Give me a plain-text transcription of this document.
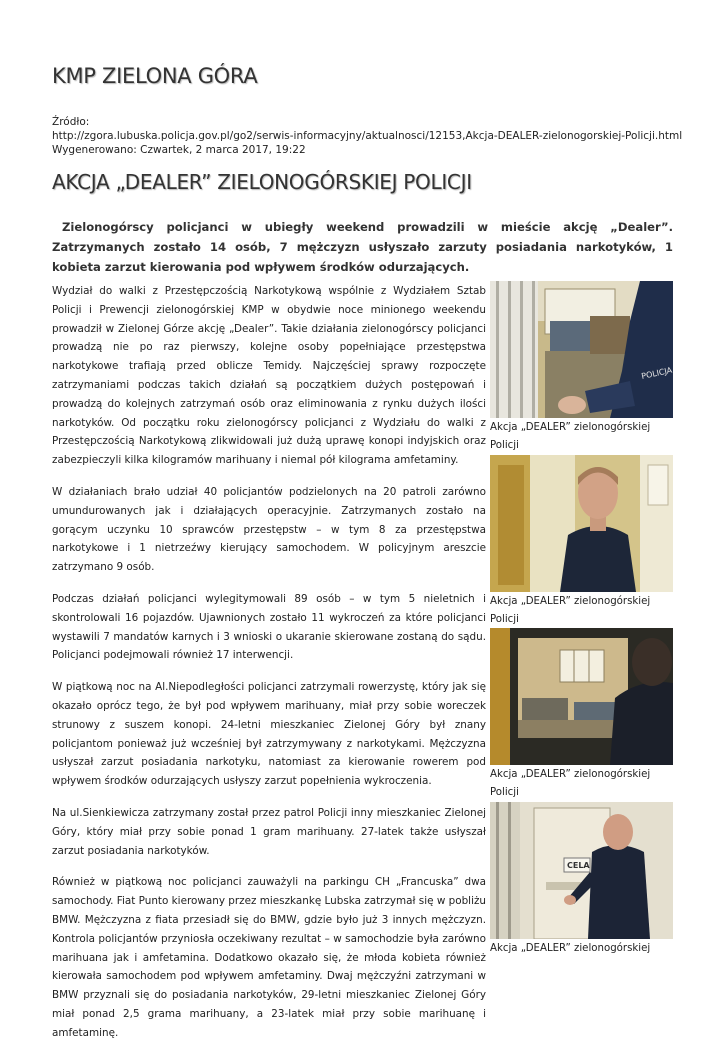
KMP ZIELONA GÓRA
Źródło:
http://zgora.lubuska.policja.gov.pl/go2/serwis-informacyjny/aktualnosci/12153,Akcja-DEALER-zielonogorskiej-Policji.html
Wygenerowano: Czwartek, 2 marca 2017, 19:22
AKCJA „DEALER” ZIELONOGÓRSKIEJ POLICJI

Zielonogórscy policjanci w ubiegły weekend prowadzili w mieście akcję „Dealer”. Zatrzymanych zostało 14 osób, 7 mężczyzn usłyszało zarzuty posiadania narkotyków, 1 kobieta zarzut kierowania pod wpływem środków odurzających.

Wydział do walki z Przestępczością Narkotykową wspólnie z Wydziałem Sztab Policji i Prewencji zielonogórskiej KMP w obydwie noce minionego weekendu prowadził w Zielonej Górze akcję „Dealer”. Takie działania zielonogórscy policjanci prowadzą nie po raz pierwszy, kolejne osoby popełniające przestępstwa narkotykowe trafiają przed oblicze Temidy. Najczęściej sprawy rozpoczęte zatrzymaniami podczas takich działań są początkiem dużych postępowań i prowadzą do kolejnych zatrzymań osób oraz eliminowania z rynku dużych ilości narkotyków. Od początku roku zielonogórscy policjanci z Wydziału do walki z Przestępczością Narkotykową zlikwidowali już dużą uprawę konopi indyjskich oraz zabezpieczyli kilka kilogramów marihuany i niemal pół kilograma amfetaminy.

W działaniach brało udział 40 policjantów podzielonych na 20 patroli zarówno umundurowanych jak i działających operacyjnie. Zatrzymanych zostało na gorącym uczynku 10 sprawców przestępstw – w tym 8 za przestępstwa narkotykowe i 1 nietrzeźwy kierujący samochodem. W policyjnym areszcie zatrzymano 9 osób.

Podczas działań policjanci wylegitymowali 89 osób – w tym 5 nieletnich i skontrolowali 16 pojazdów. Ujawnionych zostało 11 wykroczeń za które policjanci wystawili 7 mandatów karnych i 3 wnioski o ukaranie skierowane zostaną do sądu. Policjanci podejmowali również 17 interwencji.

W piątkową noc na Al.Niepodległości policjanci zatrzymali rowerzystę, który jak się okazało oprócz tego, że był pod wpływem marihuany, miał przy sobie woreczek strunowy z suszem konopi. 24-letni mieszkaniec Zielonej Góry był znany policjantom ponieważ już wcześniej był zatrzymywany z narkotykami. Mężczyzna usłyszał zarzut posiadania narkotyku, natomiast za kierowanie rowerem pod wpływem środków odurzających usłyszy zarzut popełnienia wykroczenia.

Na ul.Sienkiewicza zatrzymany został przez patrol Policji inny mieszkaniec Zielonej Góry, który miał przy sobie ponad 1 gram marihuany. 27-latek także usłyszał zarzut posiadania narkotyków.

Również w piątkową noc policjanci zauważyli na parkingu CH „Francuska” dwa samochody. Fiat Punto kierowany przez mieszkankę Lubska zatrzymał się w pobliżu BMW. Mężczyzna z fiata przesiadł się do BMW, gdzie było już 3 innych mężczyzn. Kontrola policjantów przyniosła oczekiwany rezultat – w samochodzie była zarówno marihuana jak i amfetamina. Dodatkowo okazało się, że młoda kobieta również kierowała samochodem pod wpływem amfetaminy. Dwaj mężczyźni zatrzymani w BMW przyznali się do posiadania narkotyków, 29-letni mieszkaniec Zielonej Góry miał ponad 2,5 grama marihuany, a 23-latek miał przy sobie marihuanę i amfetaminę.

POLICJA
Akcja „DEALER” zielonogórskiej Policji
Akcja „DEALER” zielonogórskiej Policji
Akcja „DEALER” zielonogórskiej Policji
CELA
Akcja „DEALER” zielonogórskiej
